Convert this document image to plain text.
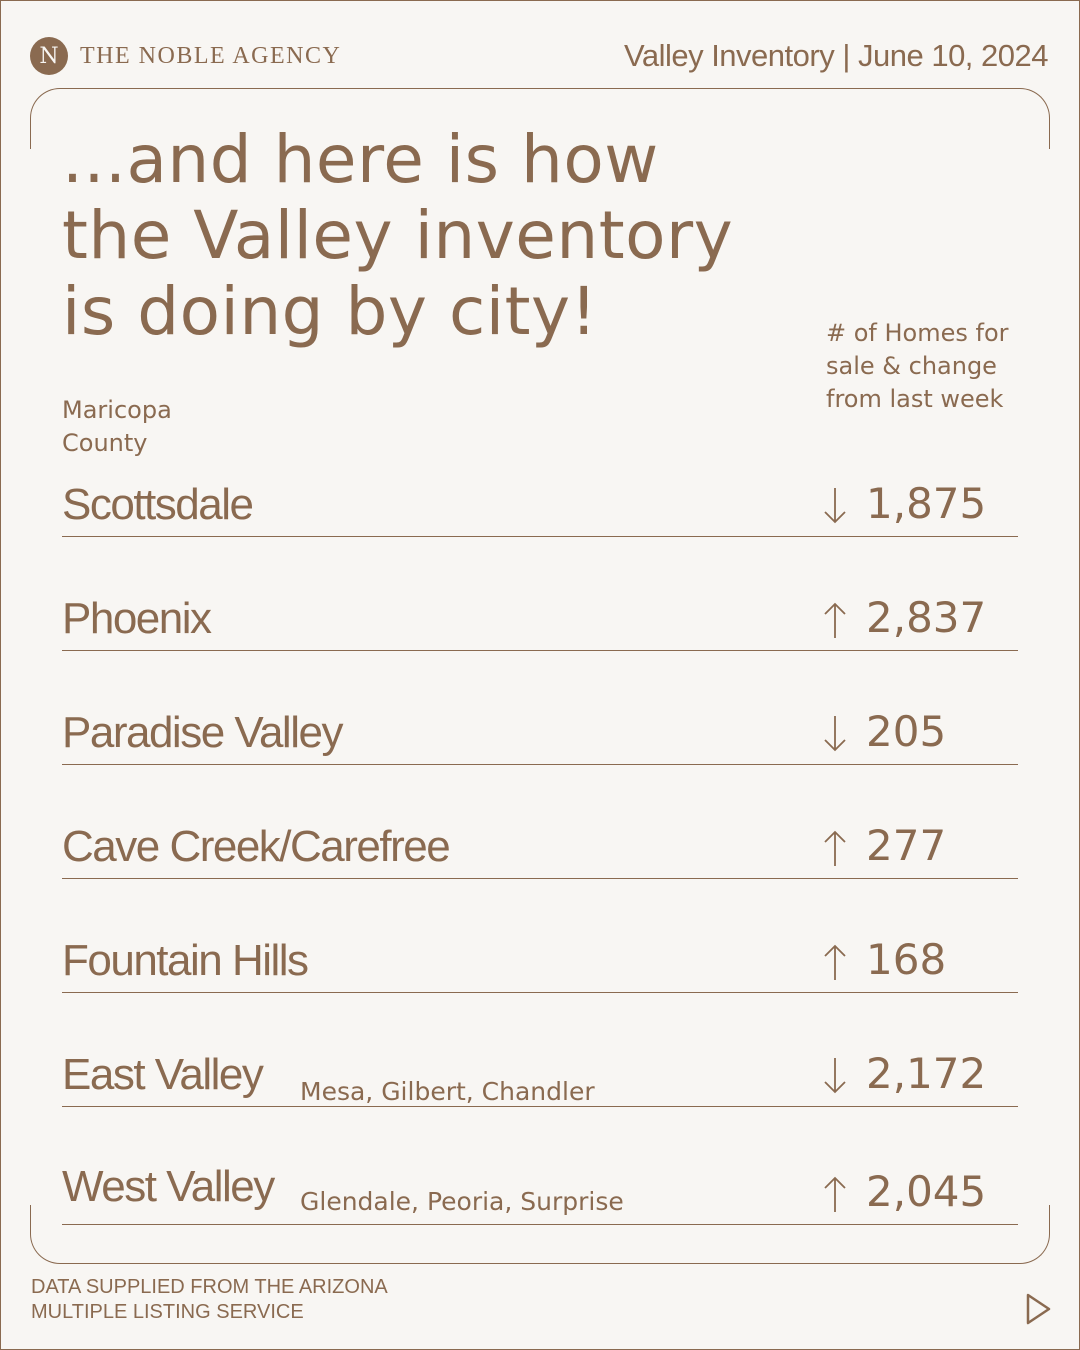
N THE NOBLE AGENCY	Valley Inventory | June 10, 2024
...and here is how the Valley inventory is doing by city!
Maricopa County
# of Homes for sale & change from last week
Scottsdale	1,875
Phoenix	2,837
Paradise Valley	205
Cave Creek/Carefree	277
Fountain Hills	168
East Valley Mesa, Gilbert, Chandler	2,172
West Valley Glendale, Peoria, Surprise	2,045
DATA SUPPLIED FROM THE ARIZONA MULTIPLE LISTING SERVICE
